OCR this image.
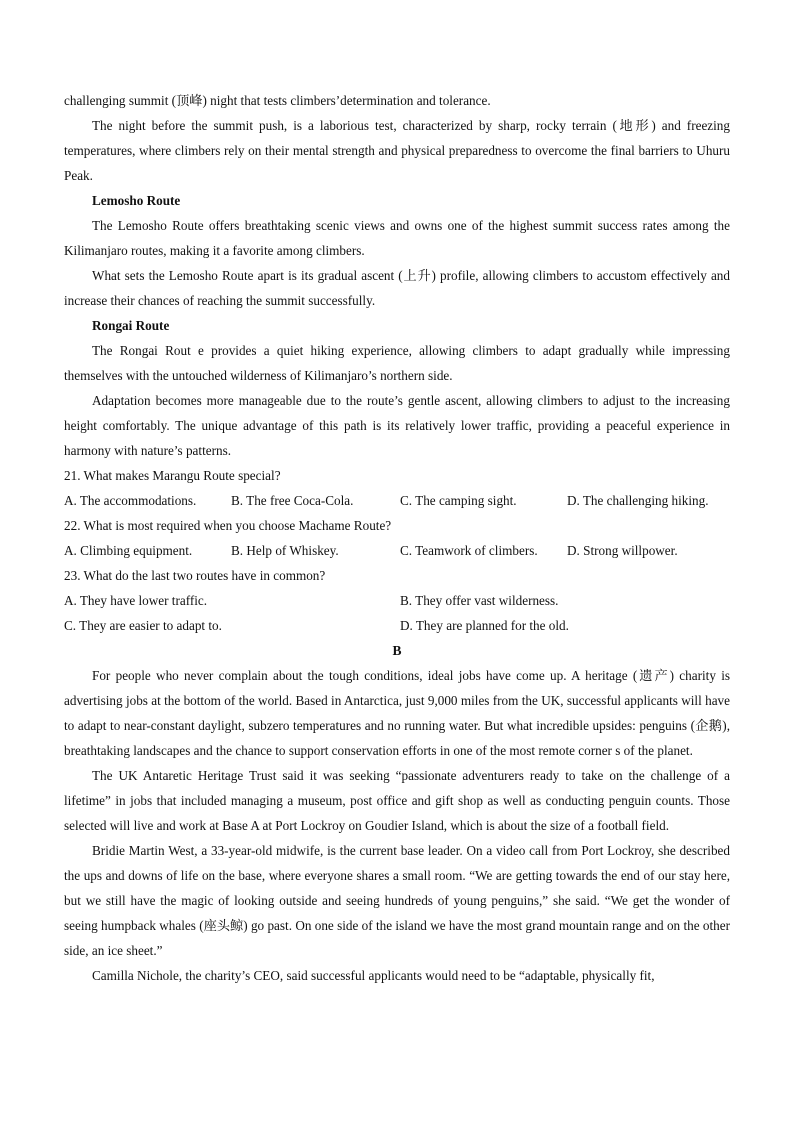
challenging summit (顶峰) night that tests climbers’determination and tolerance.

The night before the summit push, is a laborious test, characterized by sharp, rocky terrain (地形) and freezing temperatures, where climbers rely on their mental strength and physical preparedness to overcome the final barriers to Uhuru Peak.

Lemosho Route

The Lemosho Route offers breathtaking scenic views and owns one of the highest summit success rates among the Kilimanjaro routes, making it a favorite among climbers.

What sets the Lemosho Route apart is its gradual ascent (上升) profile, allowing climbers to accustom effectively and increase their chances of reaching the summit successfully.

Rongai Route

The Rongai Rout e provides a quiet hiking experience, allowing climbers to adapt gradually while impressing themselves with the untouched wilderness of Kilimanjaro’s northern side.

Adaptation becomes more manageable due to the route’s gentle ascent, allowing climbers to adjust to the increasing height comfortably. The unique advantage of this path is its relatively lower traffic, providing a peaceful experience in harmony with nature’s patterns.

21. What makes Marangu Route special?
A. The accommodations.	B. The free Coca-Cola.	C. The camping sight.	D. The challenging hiking.
22. What is most required when you choose Machame Route?
A. Climbing equipment.	B. Help of Whiskey.	C. Teamwork of climbers. D. Strong willpower.
23. What do the last two routes have in common?
A. They have lower traffic.	B. They offer vast wilderness.
C. They are easier to adapt to.	D. They are planned for the old.
B

For people who never complain about the tough conditions, ideal jobs have come up. A heritage (遗产) charity is advertising jobs at the bottom of the world. Based in Antarctica, just 9,000 miles from the UK, successful applicants will have to adapt to near-constant daylight, subzero temperatures and no running water. But what incredible upsides: penguins (企鹅), breathtaking landscapes and the chance to support conservation efforts in one of the most remote corner s of the planet.

The UK Antaretic Heritage Trust said it was seeking “passionate adventurers ready to take on the challenge of a lifetime” in jobs that included managing a museum, post office and gift shop as well as conducting penguin counts. Those selected will live and work at Base A at Port Lockroy on Goudier Island, which is about the size of a football field.

Bridie Martin West, a 33-year-old midwife, is the current base leader. On a video call from Port Lockroy, she described the ups and downs of life on the base, where everyone shares a small room. “We are getting towards the end of our stay here, but we still have the magic of looking outside and seeing hundreds of young penguins,” she said. “We get the wonder of seeing humpback whales (座头鲸) go past. On one side of the island we have the most grand mountain range and on the other side, an ice sheet.”

Camilla Nichole, the charity’s CEO, said successful applicants would need to be “adaptable, physically fit,
